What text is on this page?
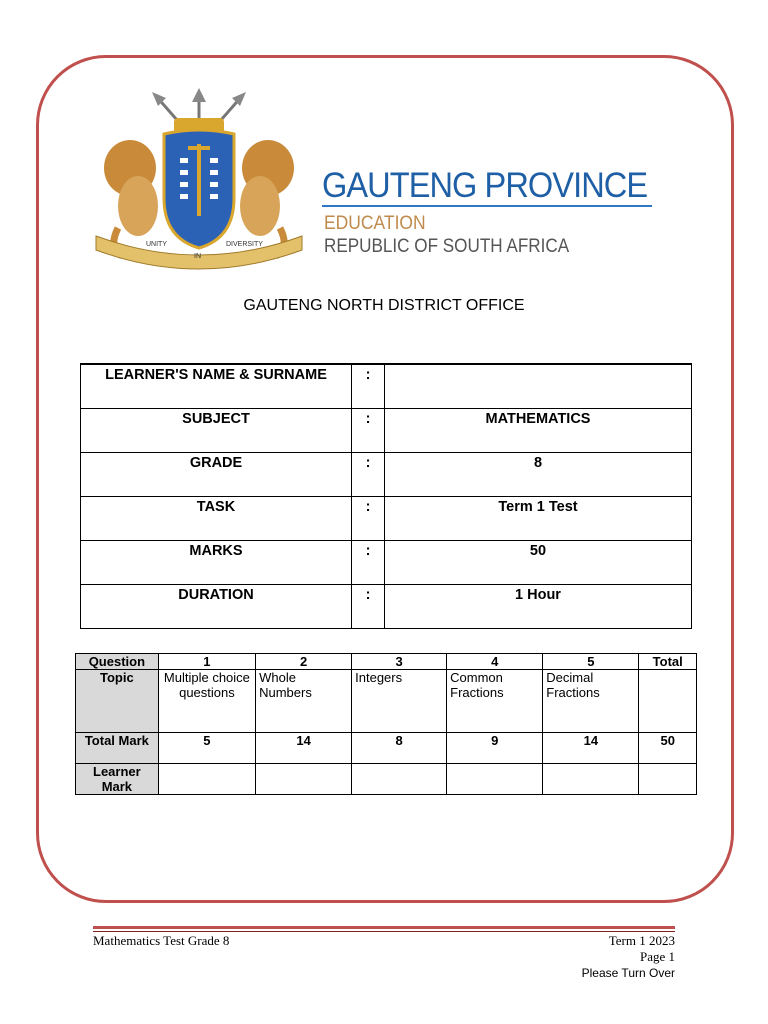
UNITY
IN
DIVERSITY
GAUTENG PROVINCE
EDUCATION
REPUBLIC OF SOUTH AFRICA
GAUTENG NORTH DISTRICT OFFICE
LEARNER'S NAME & SURNAME	:	
SUBJECT	:	MATHEMATICS
GRADE	:	8
TASK	:	Term 1 Test
MARKS	:	50
DURATION	:	1 Hour
Question	1	2	3	4	5	Total
Topic	Multiple choice questions	Whole Numbers	Integers	Common Fractions	Decimal Fractions	
Total Mark	5	14	8	9	14	50
Learner Mark						
Mathematics Test Grade 8	Term 1 2023
Page 1
Please Turn Over
